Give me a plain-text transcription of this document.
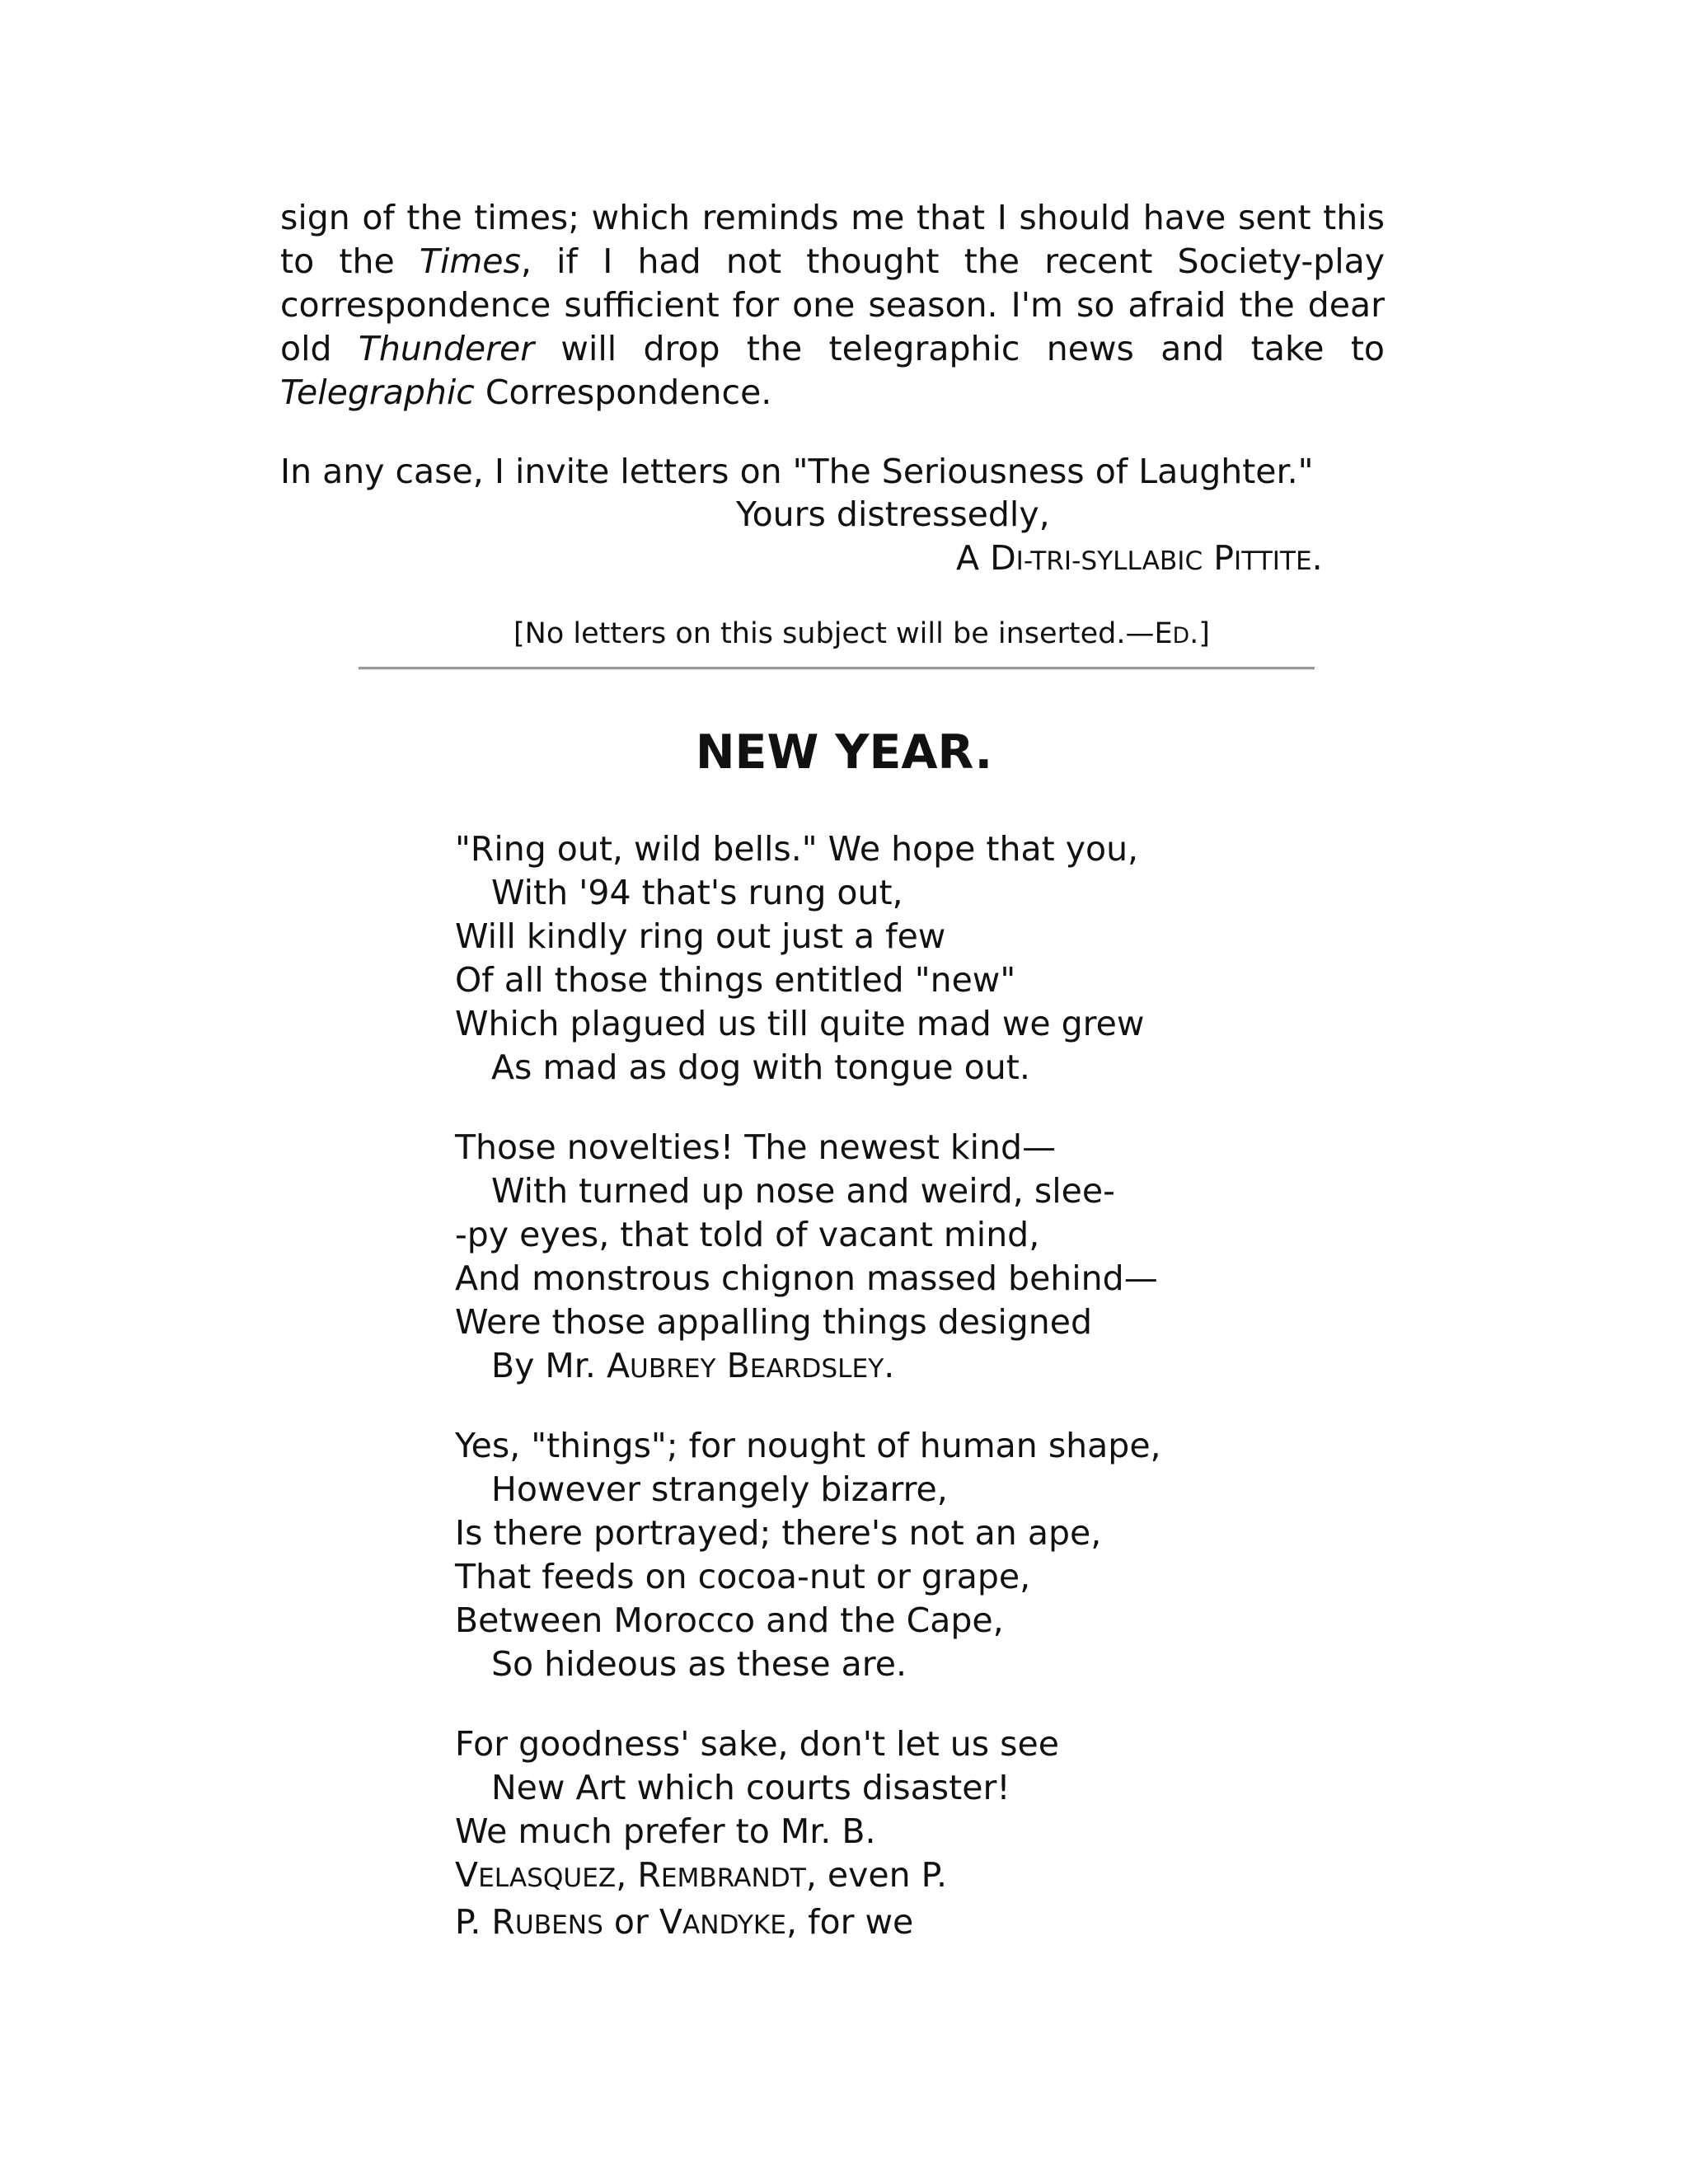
sign of the times; which reminds me that I should have sent this to the Times, if I had not thought the recent Society-play correspondence sufficient for one season. I'm so afraid the dear old Thunderer will drop the telegraphic news and take to Telegraphic Correspondence.

In any case, I invite letters on "The Seriousness of Laughter."

Yours distressedly,
A DI-TRI-SYLLABIC PITTITE.
[No letters on this subject will be inserted.—ED.]
NEW YEAR.
"Ring out, wild bells." We hope that you,
With '94 that's rung out,
Will kindly ring out just a few
Of all those things entitled "new"
Which plagued us till quite mad we grew
As mad as dog with tongue out.
Those novelties! The newest kind—
With turned up nose and weird, slee-
-py eyes, that told of vacant mind,
And monstrous chignon massed behind—
Were those appalling things designed
By Mr. AUBREY BEARDSLEY.
Yes, "things"; for nought of human shape,
However strangely bizarre,
Is there portrayed; there's not an ape,
That feeds on cocoa-nut or grape,
Between Morocco and the Cape,
So hideous as these are.
For goodness' sake, don't let us see
New Art which courts disaster!
We much prefer to Mr. B.
VELASQUEZ, REMBRANDT, even P.
P. RUBENS or VANDYKE, for we
